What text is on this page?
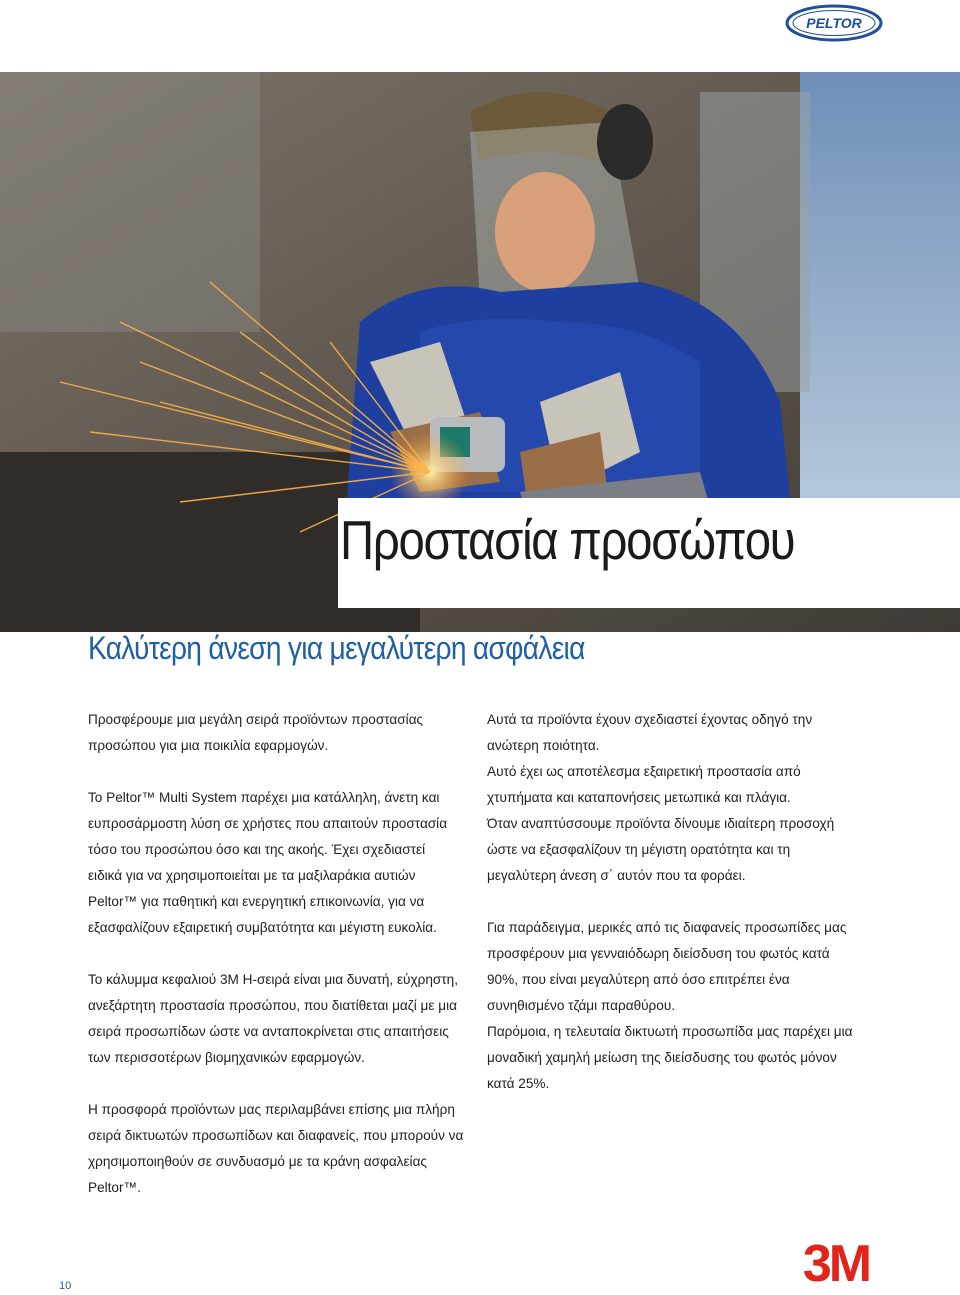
PELTOR
Προστασία προσώπου
Καλύτερη άνεση για μεγαλύτερη ασφάλεια

Προσφέρουμε μια μεγάλη σειρά προϊόντων προστασίας προσώπου για μια ποικιλία εφαρμογών.

Το Peltor™ Multi System παρέχει μια κατάλληλη, άνετη και ευπροσάρμοστη λύση σε χρήστες που απαιτούν προστασία τόσο του προσώπου όσο και της ακοής. Έχει σχεδιαστεί ειδικά για να χρησιμοποιείται με τα μαξιλαράκια αυτιών Peltor™ για παθητική και ενεργητική επικοινωνία, για να εξασφαλίζουν εξαιρετική συμβατότητα και μέγιστη ευκολία.

Το κάλυμμα κεφαλιού 3M H-σειρά είναι μια δυνατή, εύχρηστη, ανεξάρτητη προστασία προσώπου, που διατίθεται μαζί με μια σειρά προσωπίδων ώστε να ανταποκρίνεται στις απαιτήσεις των περισσοτέρων βιομηχανικών εφαρμογών.

Αυτά τα προϊόντα έχουν σχεδιαστεί έχοντας οδηγό την ανώτερη ποιότητα.

Αυτό έχει ως αποτέλεσμα εξαιρετική προστασία από χτυπήματα και καταπονήσεις μετωπικά και πλάγια.

Όταν αναπτύσσουμε προϊόντα δίνουμε ιδιαίτερη προσοχή ώστε να εξασφαλίζουν τη μέγιστη ορατότητα και τη μεγαλύτερη άνεση σ΄ αυτόν που τα φοράει.

Για παράδειγμα, μερικές από τις διαφανείς προσωπίδες μας προσφέρουν μια γενναιόδωρη διείσδυση του φωτός κατά 90%, που είναι μεγαλύτερη από όσο επιτρέπει ένα συνηθισμένο τζάμι παραθύρου.

Παρόμοια, η τελευταία δικτυωτή προσωπίδα μας παρέχει μια μοναδική χαμηλή μείωση της διείσδυσης του φωτός μόνον κατά 25%.

Η προσφορά προϊόντων μας περιλαμβάνει επίσης μια πλήρη σειρά δικτυωτών προσωπίδων και διαφανείς, που μπορούν να χρησιμοποιηθούν σε συνδυασμό με τα κράνη ασφαλείας Peltor™.

10	3M
